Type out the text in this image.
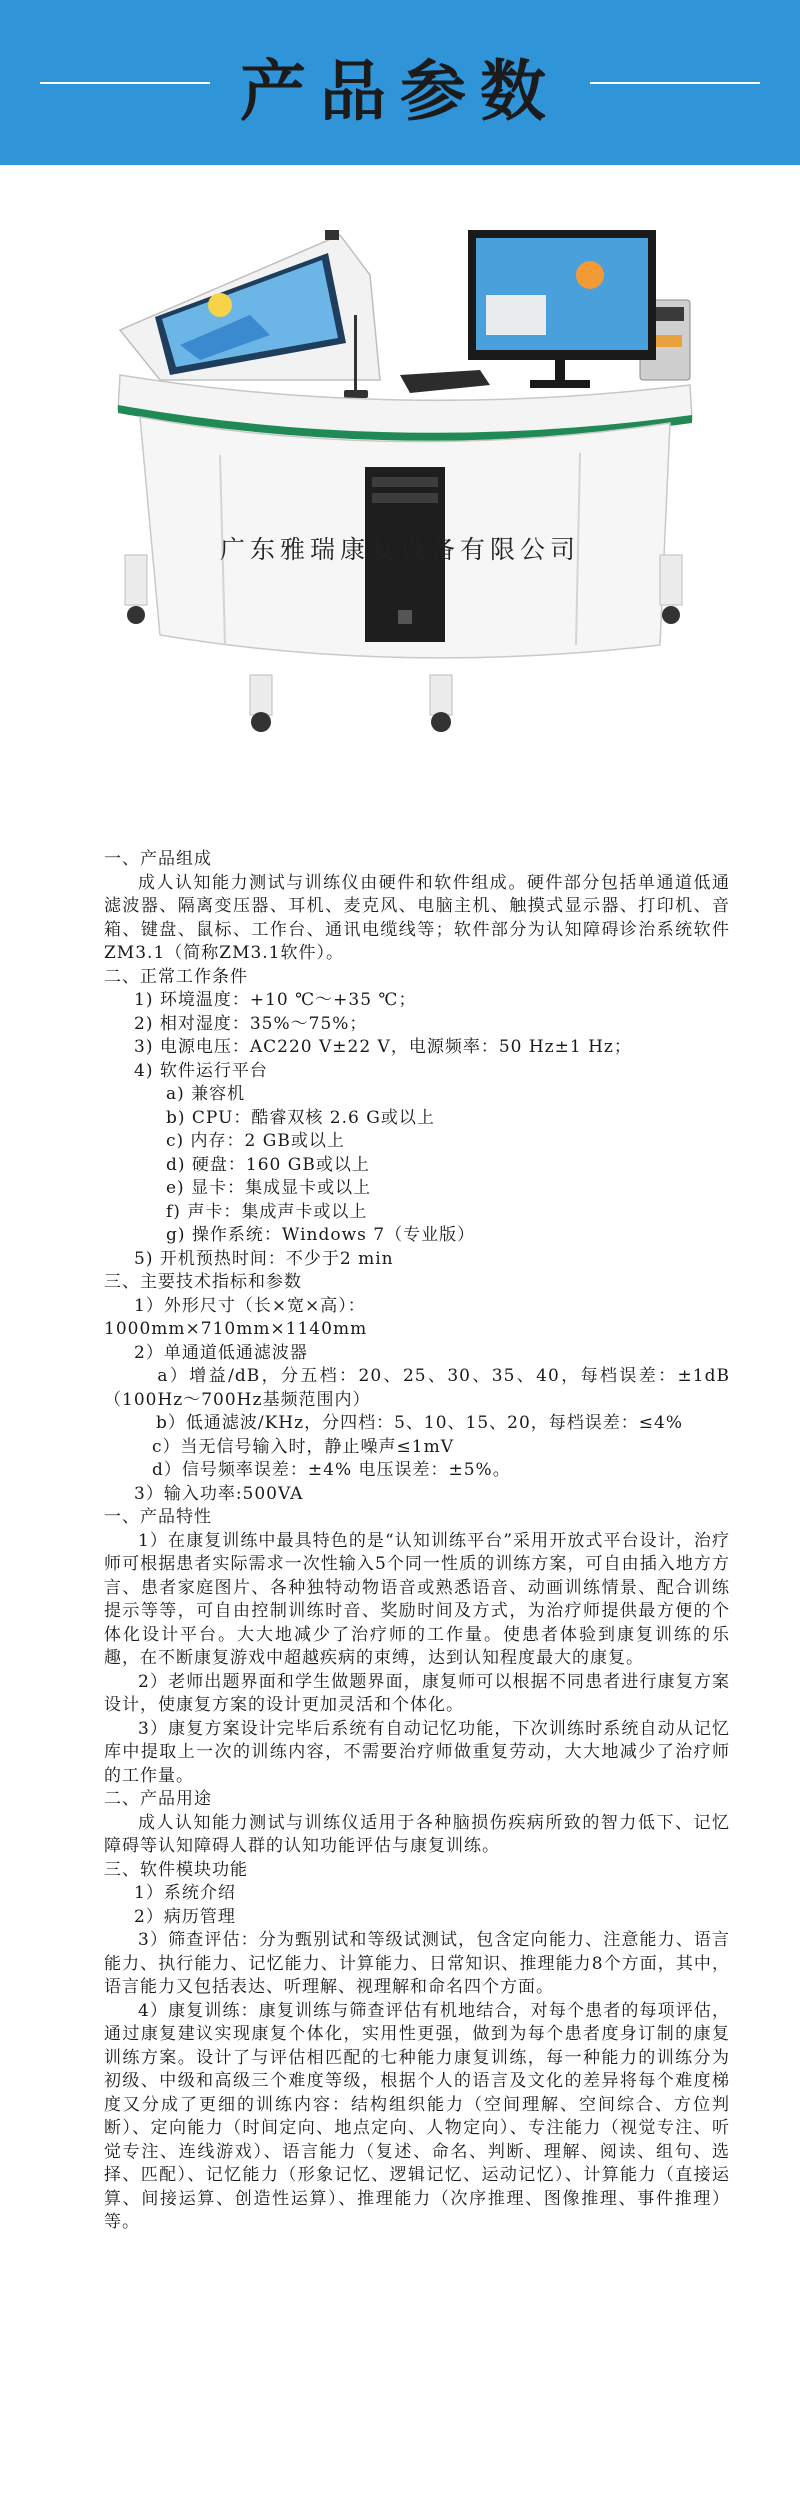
产品参数
广东雅瑞康复设备有限公司

一、产品组成

成人认知能力测试与训练仪由硬件和软件组成。硬件部分包括单通道低通滤波器、隔离变压器、耳机、麦克风、电脑主机、触摸式显示器、打印机、音箱、键盘、鼠标、工作台、通讯电缆线等；软件部分为认知障碍诊治系统软件ZM3.1（简称ZM3.1软件）。

二、正常工作条件

1) 环境温度：+10 ℃～+35 ℃；

2) 相对湿度：35%～75%；

3) 电源电压：AC220 V±22 V，电源频率：50 Hz±1 Hz；

4) 软件运行平台

a) 兼容机

b) CPU：酷睿双核 2.6 G或以上

c) 内存：2 GB或以上

d) 硬盘：160 GB或以上

e) 显卡：集成显卡或以上

f) 声卡：集成声卡或以上

g) 操作系统：Windows 7（专业版）

5) 开机预热时间：不少于2 min

三、主要技术指标和参数

1）外形尺寸（长×宽×高）：

1000mm×710mm×1140mm

2）单通道低通滤波器

　a）增益/dB，分五档：20、25、30、35、40，每档误差：±1dB（100Hz～700Hz基频范围内）

　b）低通滤波/KHz，分四档：5、10、15、20，每档误差：≤4%

c）当无信号输入时，静止噪声≤1mV

d）信号频率误差：±4% 电压误差：±5%。

3）输入功率:500VA

一、产品特性

1）在康复训练中最具特色的是“认知训练平台”采用开放式平台设计，治疗师可根据患者实际需求一次性输入5个同一性质的训练方案，可自由插入地方方言、患者家庭图片、各种独特动物语音或熟悉语音、动画训练情景、配合训练提示等等，可自由控制训练时音、奖励时间及方式，为治疗师提供最方便的个体化设计平台。大大地减少了治疗师的工作量。使患者体验到康复训练的乐趣，在不断康复游戏中超越疾病的束缚，达到认知程度最大的康复。

2）老师出题界面和学生做题界面，康复师可以根据不同患者进行康复方案设计，使康复方案的设计更加灵活和个体化。

3）康复方案设计完毕后系统有自动记忆功能，下次训练时系统自动从记忆库中提取上一次的训练内容，不需要治疗师做重复劳动，大大地减少了治疗师的工作量。

二、产品用途

成人认知能力测试与训练仪适用于各种脑损伤疾病所致的智力低下、记忆障碍等认知障碍人群的认知功能评估与康复训练。

三、软件模块功能

1）系统介绍

2）病历管理

3）筛查评估：分为甄别试和等级试测试，包含定向能力、注意能力、语言能力、执行能力、记忆能力、计算能力、日常知识、推理能力8个方面，其中，语言能力又包括表达、听理解、视理解和命名四个方面。

4）康复训练：康复训练与筛查评估有机地结合，对每个患者的每项评估，通过康复建议实现康复个体化，实用性更强，做到为每个患者度身订制的康复训练方案。设计了与评估相匹配的七种能力康复训练，每一种能力的训练分为初级、中级和高级三个难度等级，根据个人的语言及文化的差异将每个难度梯度又分成了更细的训练内容：结构组织能力（空间理解、空间综合、方位判断）、定向能力（时间定向、地点定向、人物定向）、专注能力（视觉专注、听觉专注、连线游戏）、语言能力（复述、命名、判断、理解、阅读、组句、选择、匹配）、记忆能力（形象记忆、逻辑记忆、运动记忆）、计算能力（直接运算、间接运算、创造性运算）、推理能力（次序推理、图像推理、事件推理）等。
